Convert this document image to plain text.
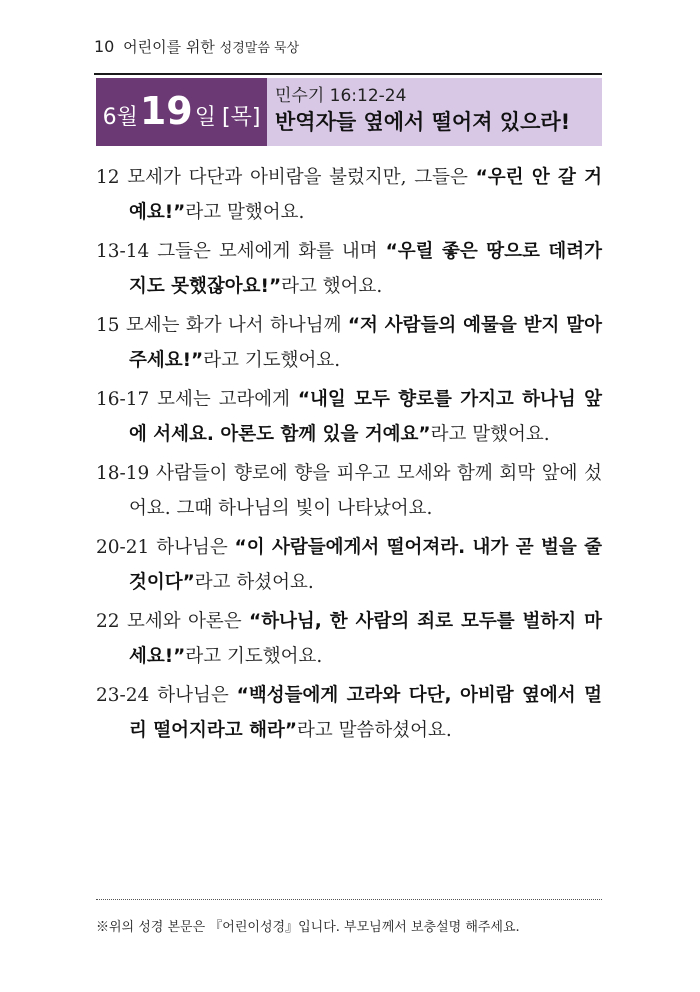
10 어린이를 위한 성경말씀 묵상
6월 19 일 [목]
민수기 16:12-24
반역자들 옆에서 떨어져 있으라!

12 모세가 다단과 아비람을 불렀지만, 그들은 “우린 안 갈 거예요!”라고 말했어요.

13-14 그들은 모세에게 화를 내며 “우릴 좋은 땅으로 데려가지도 못했잖아요!”라고 했어요.

15 모세는 화가 나서 하나님께 “저 사람들의 예물을 받지 말아 주세요!”라고 기도했어요.

16-17 모세는 고라에게 “내일 모두 향로를 가지고 하나님 앞에 서세요. 아론도 함께 있을 거예요”라고 말했어요.

18-19 사람들이 향로에 향을 피우고 모세와 함께 회막 앞에 섰어요. 그때 하나님의 빛이 나타났어요.

20-21 하나님은 “이 사람들에게서 떨어져라. 내가 곧 벌을 줄 것이다”라고 하셨어요.

22 모세와 아론은 “하나님, 한 사람의 죄로 모두를 벌하지 마세요!”라고 기도했어요.

23-24 하나님은 “백성들에게 고라와 다단, 아비람 옆에서 멀리 떨어지라고 해라”라고 말씀하셨어요.

※위의 성경 본문은 『어린이성경』입니다. 부모님께서 보충설명 해주세요.
